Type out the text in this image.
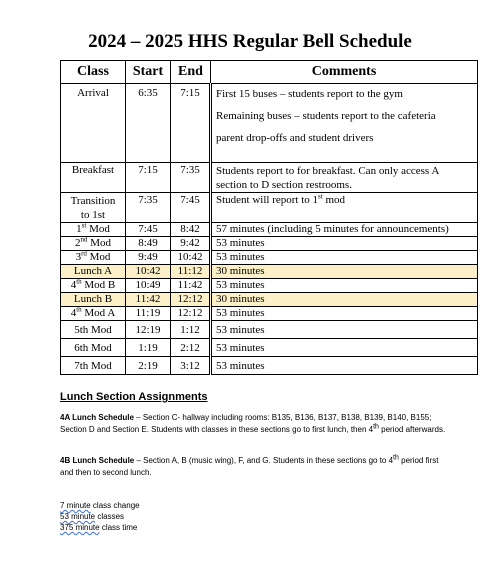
2024 – 2025 HHS Regular Bell Schedule
Class	Start	End	Comments
Arrival	6:35	7:15	First 15 buses – students report to the gym
Remaining buses – students report to the cafeteria
parent drop-offs and student drivers

Breakfast	7:15	7:35	Students report to for breakfast. Can only access A
section to D section restrooms.

Transition
to 1st	7:35	7:45	Student will report to 1st mod
1st Mod	7:45	8:42	57 minutes (including 5 minutes for announcements)
2nd Mod	8:49	9:42	53 minutes
3rd Mod	9:49	10:42	53 minutes
Lunch A	10:42	11:12	30 minutes
4th Mod B	10:49	11:42	53 minutes
Lunch B	11:42	12:12	30 minutes
4th Mod A	11:19	12:12	53 minutes
5th Mod	12:19	1:12	53 minutes
6th Mod	1:19	2:12	53 minutes
7th Mod	2:19	3:12	53 minutes
Lunch Section Assignments
4A Lunch Schedule – Section C- hallway including rooms: B135, B136, B137, B138, B139, B140, B155; Section D and Section E. Students with classes in these sections go to first lunch, then 4th period afterwards.
4B Lunch Schedule – Section A, B (music wing), F, and G. Students in these sections go to 4th period first and then to second lunch.
7 minute class change
53 minute classes
375 minute class time
